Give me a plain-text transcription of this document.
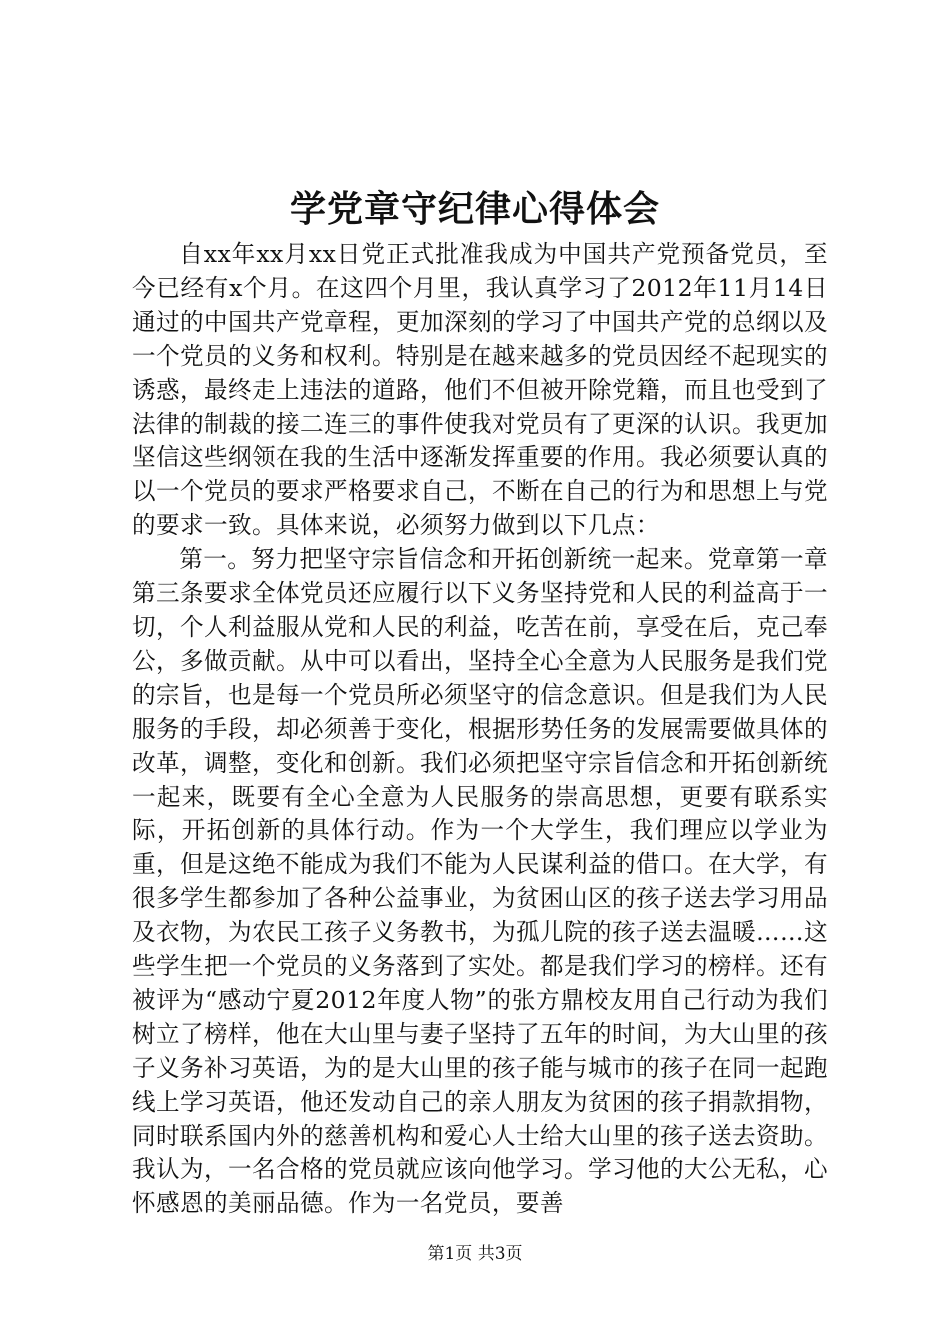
学党章守纪律心得体会

自xx年xx月xx日党正式批准我成为中国共产党预备党员，至今已经有x个月。在这四个月里，我认真学习了2012年11月14日通过的中国共产党章程，更加深刻的学习了中国共产党的总纲以及一个党员的义务和权利。特别是在越来越多的党员因经不起现实的诱惑，最终走上违法的道路，他们不但被开除党籍，而且也受到了法律的制裁的接二连三的事件使我对党员有了更深的认识。我更加坚信这些纲领在我的生活中逐渐发挥重要的作用。我必须要认真的以一个党员的要求严格要求自己，不断在自己的行为和思想上与党的要求一致。具体来说，必须努力做到以下几点：

第一。努力把坚守宗旨信念和开拓创新统一起来。党章第一章第三条要求全体党员还应履行以下义务坚持党和人民的利益高于一切，个人利益服从党和人民的利益，吃苦在前，享受在后，克己奉公，多做贡献。从中可以看出，坚持全心全意为人民服务是我们党的宗旨，也是每一个党员所必须坚守的信念意识。但是我们为人民服务的手段，却必须善于变化，根据形势任务的发展需要做具体的改革，调整，变化和创新。我们必须把坚守宗旨信念和开拓创新统一起来，既要有全心全意为人民服务的崇高思想，更要有联系实际，开拓创新的具体行动。作为一个大学生，我们理应以学业为重，但是这绝不能成为我们不能为人民谋利益的借口。在大学，有很多学生都参加了各种公益事业，为贫困山区的孩子送去学习用品及衣物，为农民工孩子义务教书，为孤儿院的孩子送去温暖……这些学生把一个党员的义务落到了实处。都是我们学习的榜样。还有被评为“感动宁夏2012年度人物”的张方鼎校友用自己行动为我们树立了榜样，他在大山里与妻子坚持了五年的时间，为大山里的孩子义务补习英语，为的是大山里的孩子能与城市的孩子在同一起跑线上学习英语，他还发动自己的亲人朋友为贫困的孩子捐款捐物，同时联系国内外的慈善机构和爱心人士给大山里的孩子送去资助。我认为，一名合格的党员就应该向他学习。学习他的大公无私，心怀感恩的美丽品德。作为一名党员，要善

第1页 共3页
